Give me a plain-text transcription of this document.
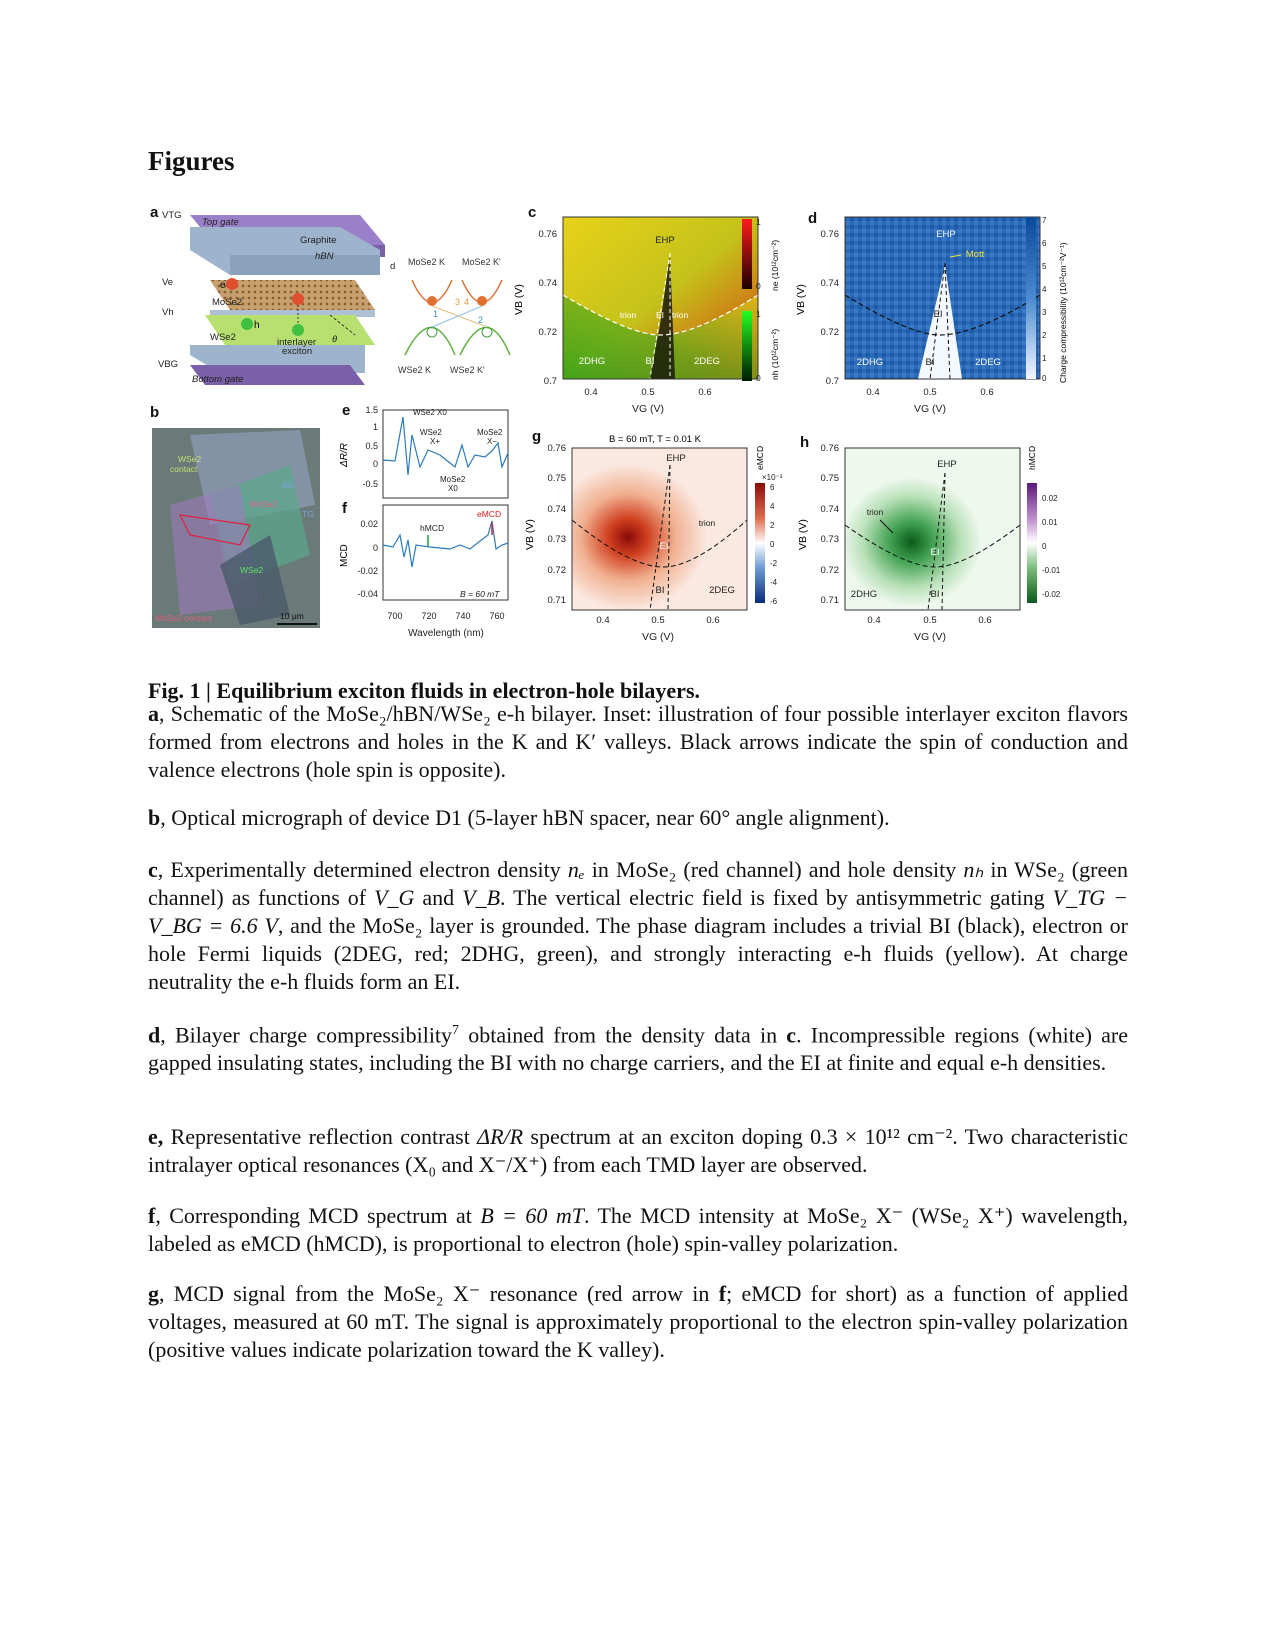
Figures
a
b
c	d
e
f
g	h
e
h
VTG
Top gate
Graphite
hBN
d
Ve
Vh
MoSe2
WSe2	interlayer
exciton
θ
VBG
Bottom gate
MoSe2 K MoSe2 K'
WSe2 K WSe2 K'
1
2
3 4
WSe2
contact
BG
MoSe2
TG
WSe2
MoSe2 contact	10 μm
1.5
1
0.5
0
-0.5
ΔR/R
WSe2 X0
WSe2
X+
MoSe2
X−
MoSe2
X0
0.02
0
-0.02
-0.04
700 720 740 760
Wavelength (nm)
MCD
hMCD
eMCD
B = 60 mT
0.76
0.74
0.72
0.7
0.4	0.5	0.6
VG (V)
VB (V)
EHP
trion EI trion
2DHG	BI	2DEG
1
0
1
0
ne (10¹²cm⁻²)
nh (10¹²cm⁻²)
0.76
0.74
0.72
0.7
0.4	0.5	0.6
VG (V)
VB (V)
EHP
Mott
EI
2DHG	BI	2DEG
7
6
5
4
3
2
1
0 Charge compressibility (10¹²cm⁻²V⁻¹)
B = 60 mT, T = 0.01 K
0.76
0.75
0.74
0.73
0.72
0.71
0.4	0.5	0.6
VG (V)
VB (V)
EHP
trion
EI
BI	2DEG
×10⁻³
6
4
2
0
-2
-4
-6
eMCD	0.76
0.75
0.74
0.73
0.72
0.71
0.4	0.5	0.6
VG (V)
VB (V)
EHP
trion
EI
2DHG	BI
0.02
0.01
0
-0.01
-0.02
hMCD
Fig. 1 | Equilibrium exciton fluids in electron-hole bilayers.

a, Schematic of the MoSe₂/hBN/WSe₂ e-h bilayer. Inset: illustration of four possible interlayer exciton flavors formed from electrons and holes in the K and K′ valleys. Black arrows indicate the spin of conduction and valence electrons (hole spin is opposite).

b, Optical micrograph of device D1 (5-layer hBN spacer, near 60° angle alignment).

c, Experimentally determined electron density nₑ in MoSe₂ (red channel) and hole density nₕ in WSe₂ (green channel) as functions of V_G and V_B. The vertical electric field is fixed by antisymmetric gating V_TG − V_BG = 6.6 V, and the MoSe₂ layer is grounded. The phase diagram includes a trivial BI (black), electron or hole Fermi liquids (2DEG, red; 2DHG, green), and strongly interacting e-h fluids (yellow). At charge neutrality the e-h fluids form an EI.

d, Bilayer charge compressibility$^7$ obtained from the density data in c. Incompressible regions (white) are gapped insulating states, including the BI with no charge carriers, and the EI at finite and equal e-h densities.

e, Representative reflection contrast ΔR/R spectrum at an exciton doping 0.3 × 10¹² cm⁻². Two characteristic intralayer optical resonances (X₀ and X⁻/X⁺) from each TMD layer are observed.

f, Corresponding MCD spectrum at B = 60 mT. The MCD intensity at MoSe₂ X⁻ (WSe₂ X⁺) wavelength, labeled as eMCD (hMCD), is proportional to electron (hole) spin-valley polarization.

g, MCD signal from the MoSe₂ X⁻ resonance (red arrow in f; eMCD for short) as a function of applied voltages, measured at 60 mT. The signal is approximately proportional to the electron spin-valley polarization (positive values indicate polarization toward the K valley).
